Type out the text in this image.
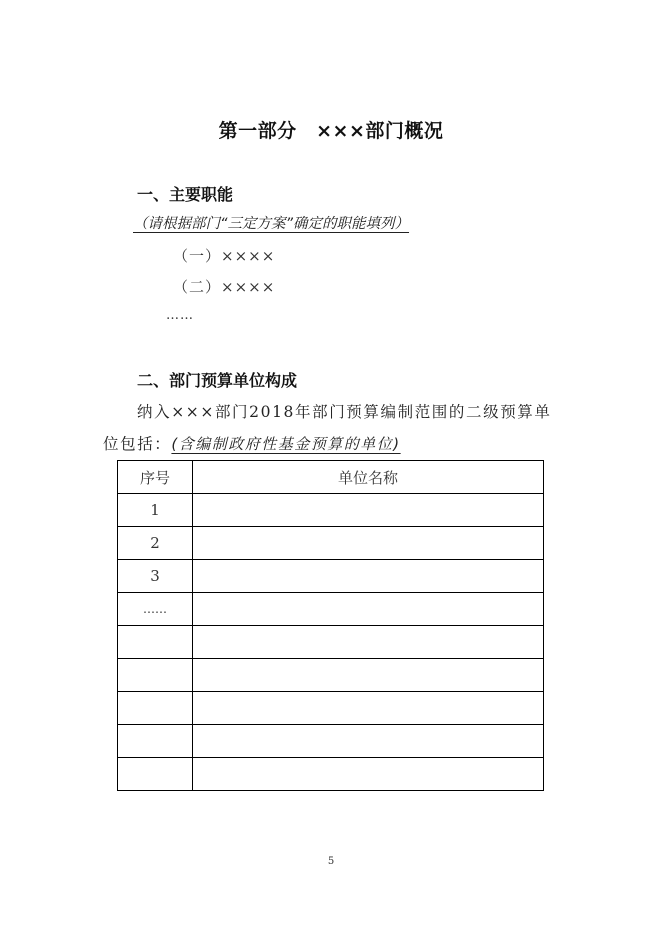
第一部分　×××部门概况
一、主要职能
（请根据部门“三定方案”确定的职能填列）
（一）××××
（二）××××
……
二、部门预算单位构成
纳入×××部门2018年部门预算编制范围的二级预算单
位包括：(含编制政府性基金预算的单位)
序号	单位名称
1	
2	
3	
……	

5
